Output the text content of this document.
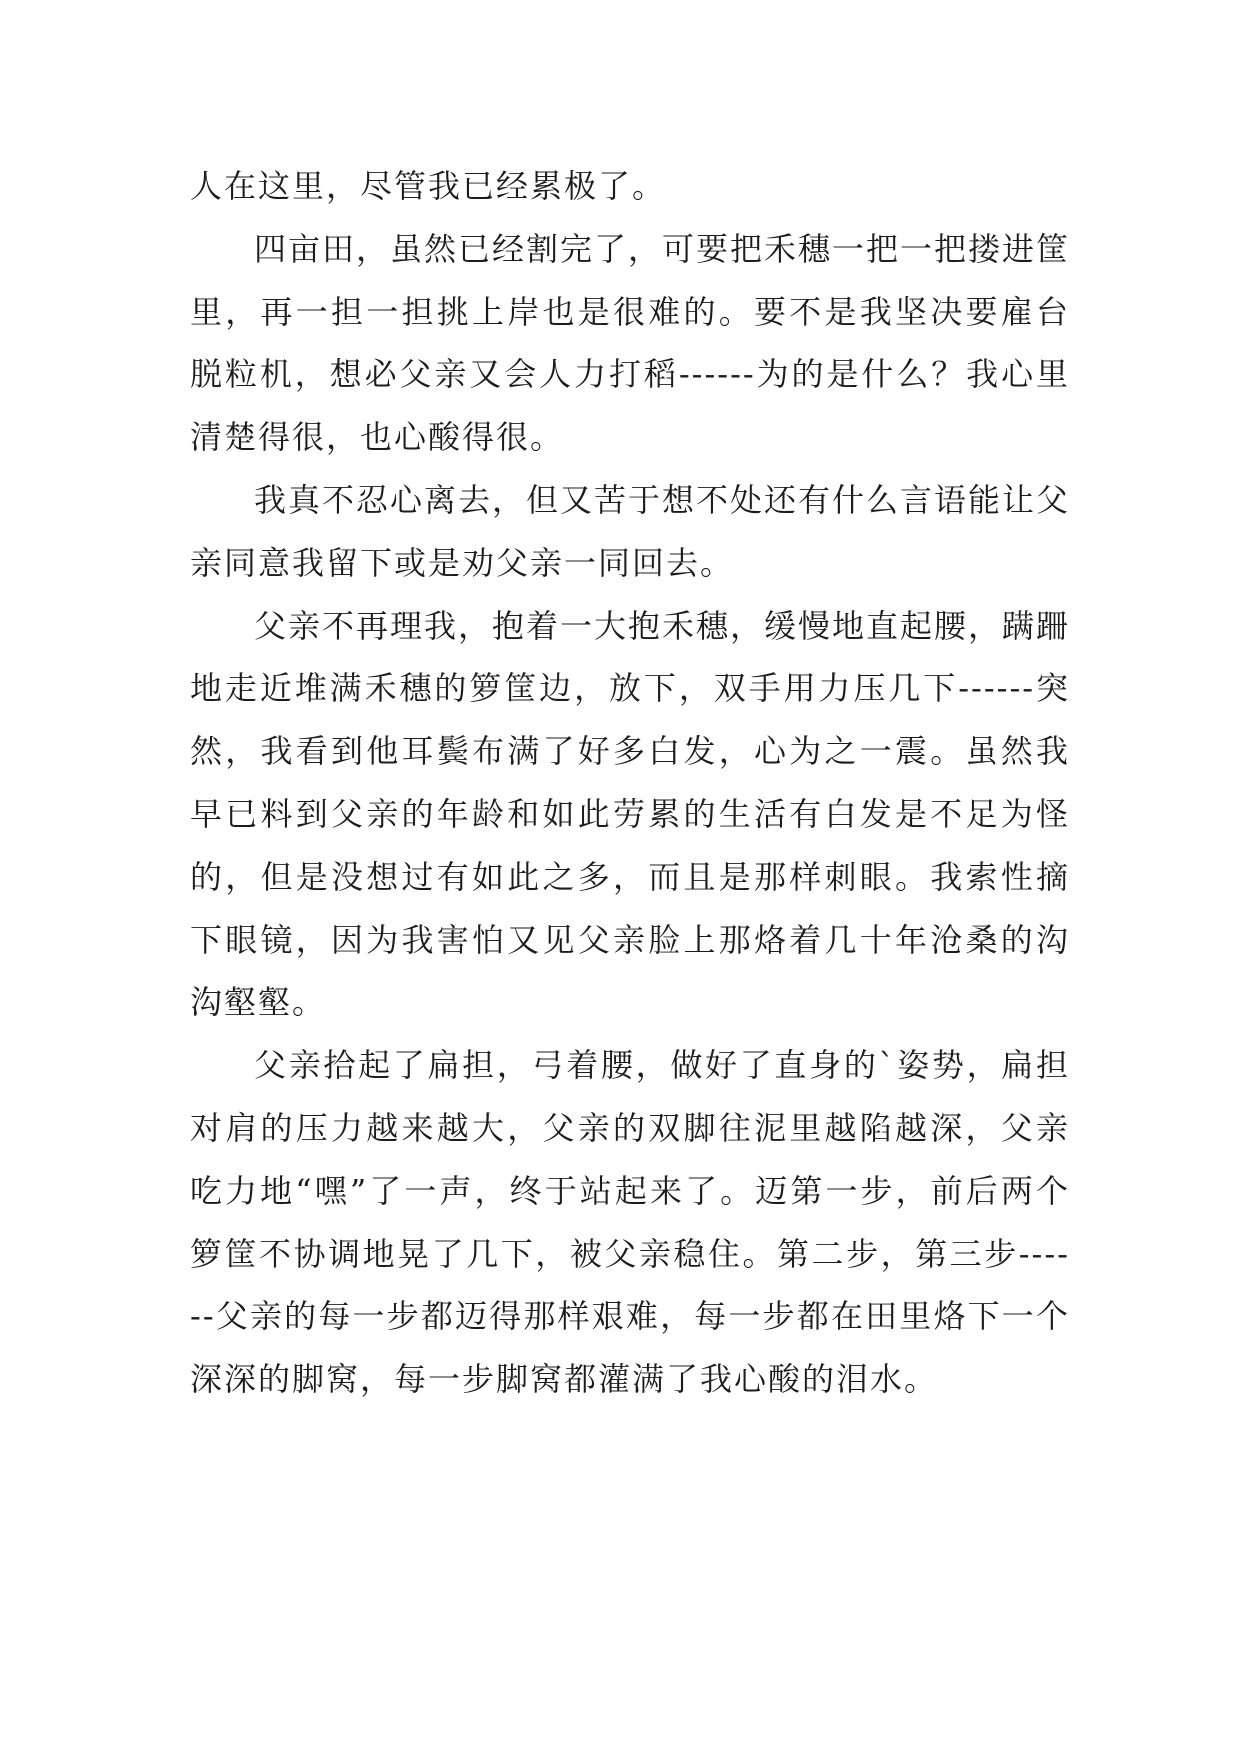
人在这里，尽管我已经累极了。

四亩田，虽然已经割完了，可要把禾穗一把一把搂进筐里，再一担一担挑上岸也是很难的。要不是我坚决要雇台脱粒机，想必父亲又会人力打稻------为的是什么？我心里清楚得很，也心酸得很。

我真不忍心离去，但又苦于想不处还有什么言语能让父亲同意我留下或是劝父亲一同回去。

父亲不再理我，抱着一大抱禾穗，缓慢地直起腰，蹒跚地走近堆满禾穗的箩筐边，放下，双手用力压几下------突然，我看到他耳鬓布满了好多白发，心为之一震。虽然我早已料到父亲的年龄和如此劳累的生活有白发是不足为怪的，但是没想过有如此之多，而且是那样刺眼。我索性摘下眼镜，因为我害怕又见父亲脸上那烙着几十年沧桑的沟沟壑壑。

父亲拾起了扁担，弓着腰，做好了直身的`姿势，扁担对肩的压力越来越大，父亲的双脚往泥里越陷越深，父亲吃力地“嘿”了一声，终于站起来了。迈第一步，前后两个箩筐不协调地晃了几下，被父亲稳住。第二步，第三步------父亲的每一步都迈得那样艰难，每一步都在田里烙下一个深深的脚窝，每一步脚窝都灌满了我心酸的泪水。
